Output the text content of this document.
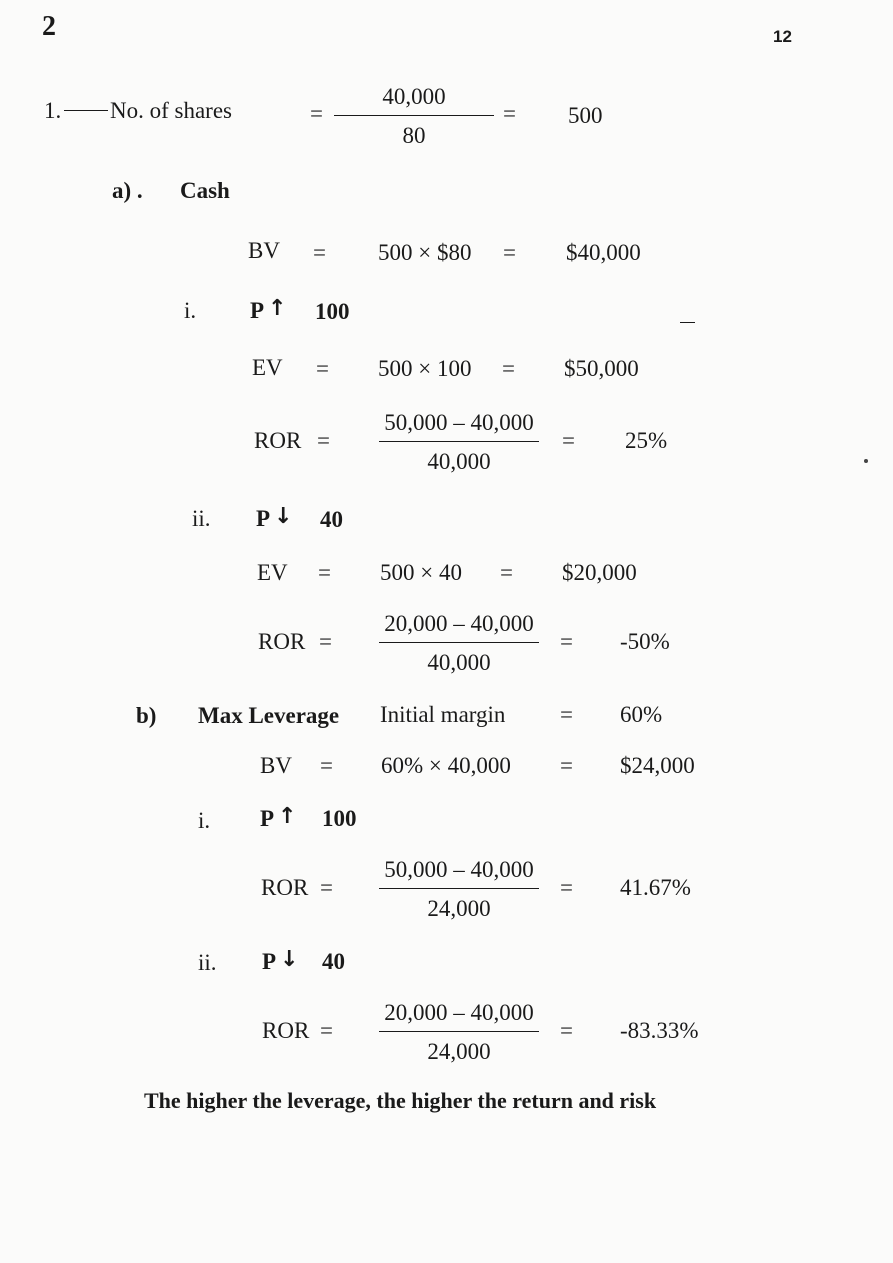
2	12
1. No. of shares	=
40,000
80
= 500
a) . Cash
BV = 500 × $80 = $40,000
i. P ↑ 100
EV = 500 × 100 = $50,000
ROR =
50,000 – 40,000
40,000
= 25%
ii. P ↓ 40
EV = 500 × 40 = $20,000
ROR =
20,000 – 40,000
40,000
= -50%
b) Max Leverage Initial margin = 60%
BV = 60% × 40,000 = $24,000
i. P ↑ 100
ROR =
50,000 – 40,000
24,000
= 41.67%
ii. P ↓ 40
ROR =
20,000 – 40,000
24,000
= -83.33%
The higher the leverage, the higher the return and risk
